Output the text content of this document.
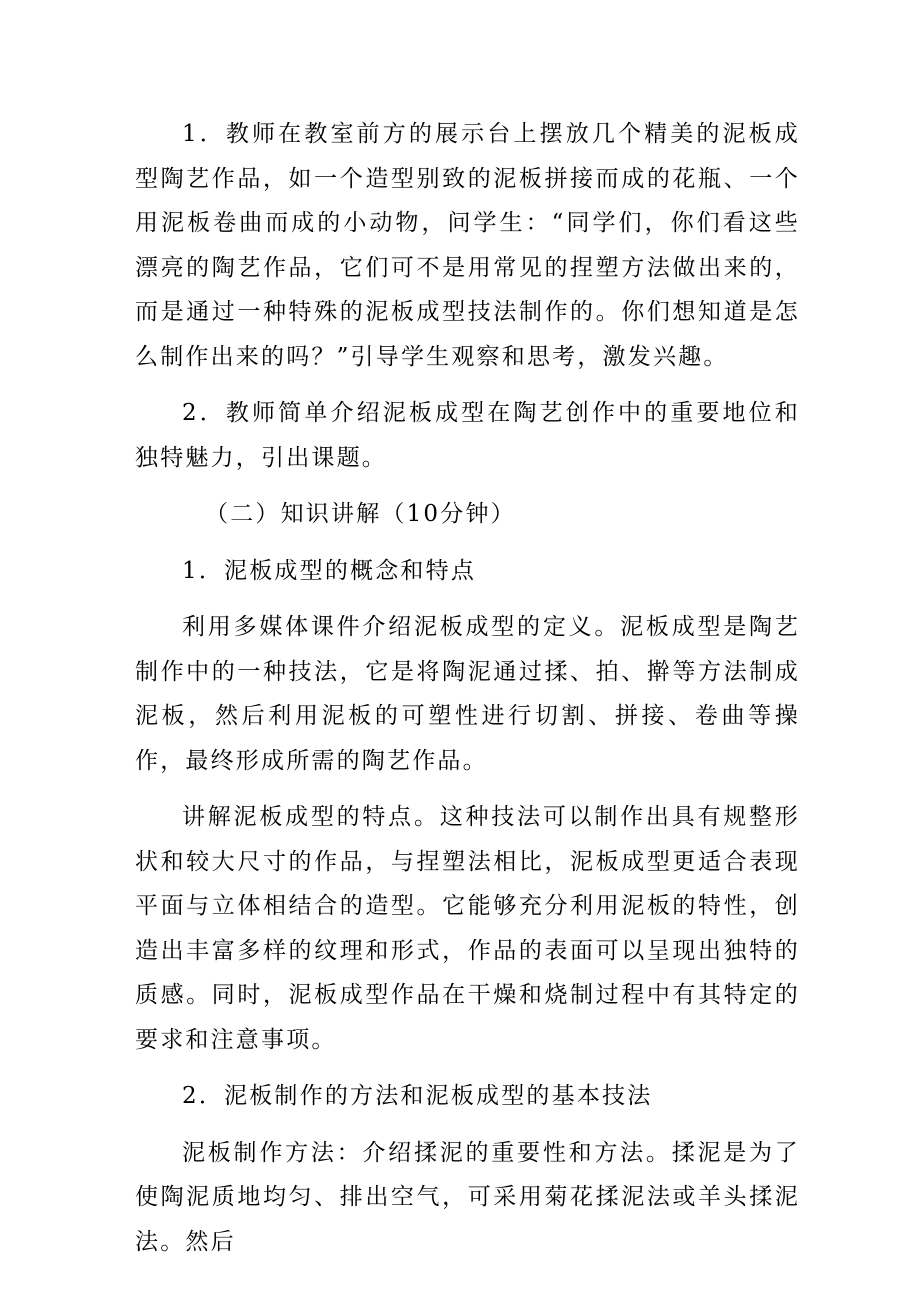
1．教师在教室前方的展示台上摆放几个精美的泥板成型陶艺作品，如一个造型别致的泥板拼接而成的花瓶、一个用泥板卷曲而成的小动物，问学生：“同学们，你们看这些漂亮的陶艺作品，它们可不是用常见的捏塑方法做出来的，而是通过一种特殊的泥板成型技法制作的。你们想知道是怎么制作出来的吗？”引导学生观察和思考，激发兴趣。

2．教师简单介绍泥板成型在陶艺创作中的重要地位和独特魅力，引出课题。

（二）知识讲解（10分钟）

1．泥板成型的概念和特点

利用多媒体课件介绍泥板成型的定义。泥板成型是陶艺制作中的一种技法，它是将陶泥通过揉、拍、擀等方法制成泥板，然后利用泥板的可塑性进行切割、拼接、卷曲等操作，最终形成所需的陶艺作品。

讲解泥板成型的特点。这种技法可以制作出具有规整形状和较大尺寸的作品，与捏塑法相比，泥板成型更适合表现平面与立体相结合的造型。它能够充分利用泥板的特性，创造出丰富多样的纹理和形式，作品的表面可以呈现出独特的质感。同时，泥板成型作品在干燥和烧制过程中有其特定的要求和注意事项。

2．泥板制作的方法和泥板成型的基本技法

泥板制作方法：介绍揉泥的重要性和方法。揉泥是为了使陶泥质地均匀、排出空气，可采用菊花揉泥法或羊头揉泥法。然后
